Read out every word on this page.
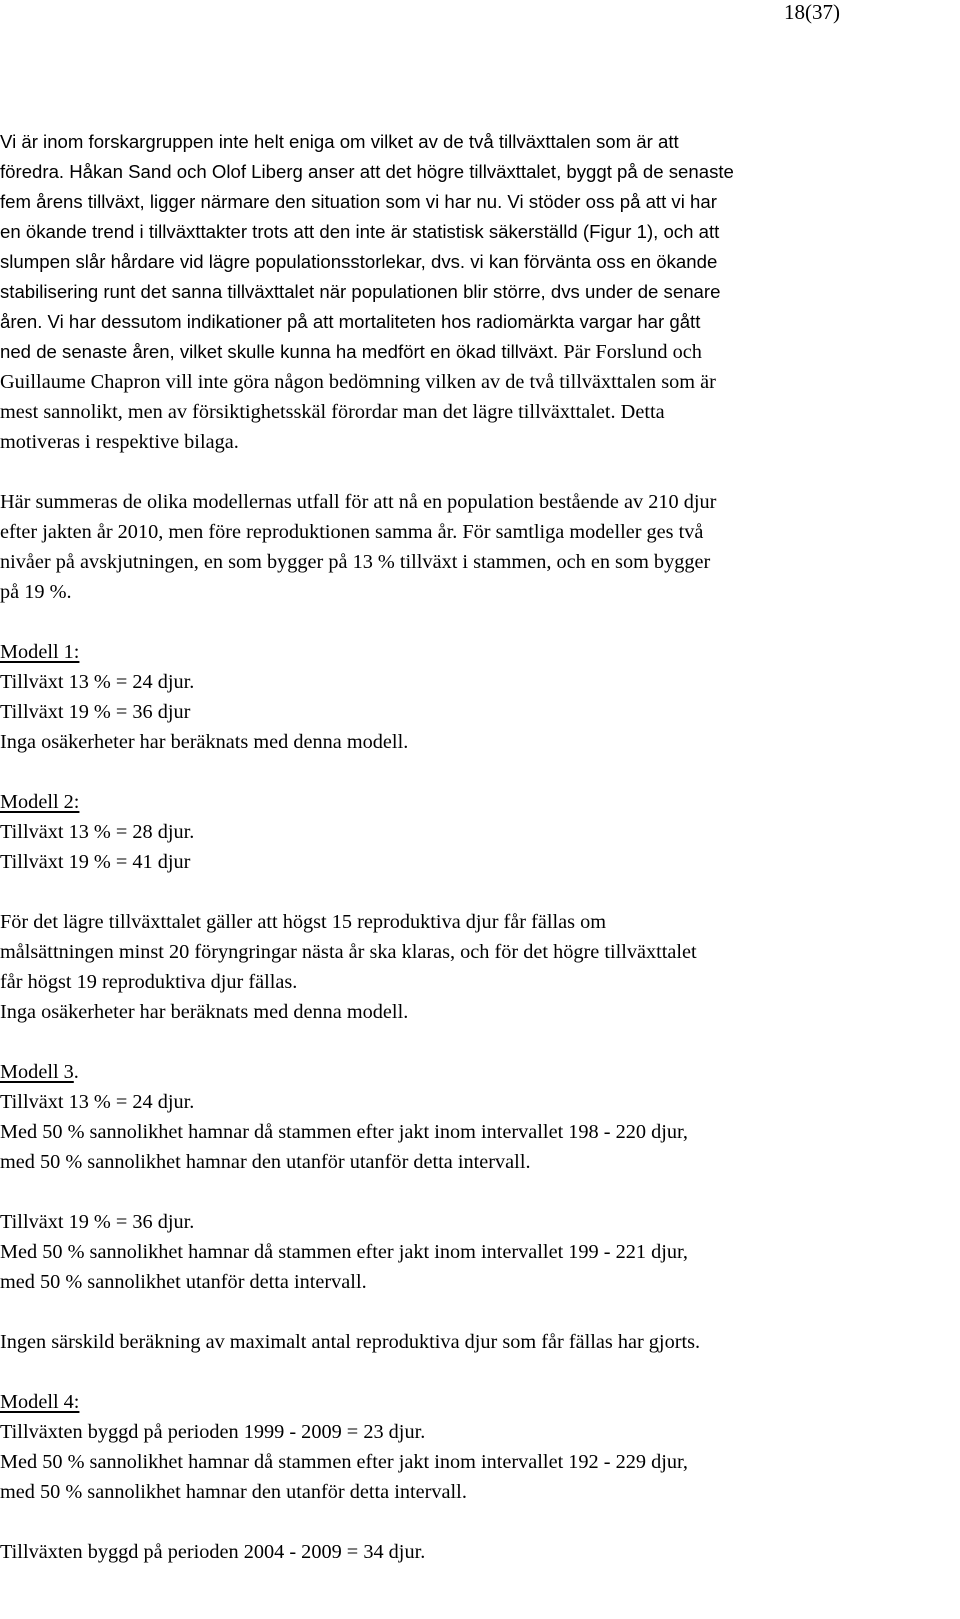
18(37)

Vi är inom forskargruppen inte helt eniga om vilket av de två tillväxttalen som är att
föredra. Håkan Sand och Olof Liberg anser att det högre tillväxttalet, byggt på de senaste
fem årens tillväxt, ligger närmare den situation som vi har nu. Vi stöder oss på att vi har
en ökande trend i tillväxttakter trots att den inte är statistisk säkerställd (Figur 1), och att
slumpen slår hårdare vid lägre populationsstorlekar, dvs. vi kan förvänta oss en ökande
stabilisering runt det sanna tillväxttalet när populationen blir större, dvs under de senare
åren. Vi har dessutom indikationer på att mortaliteten hos radiomärkta vargar har gått
ned de senaste åren, vilket skulle kunna ha medfört en ökad tillväxt. Pär Forslund och
Guillaume Chapron vill inte göra någon bedömning vilken av de två tillväxttalen som är
mest sannolikt, men av försiktighetsskäl förordar man det lägre tillväxttalet. Detta
motiveras i respektive bilaga.

Här summeras de olika modellernas utfall för att nå en population bestående av 210 djur
efter jakten år 2010, men före reproduktionen samma år. För samtliga modeller ges två
nivåer på avskjutningen, en som bygger på 13 % tillväxt i stammen, och en som bygger
på 19 %.

Modell 1:
Tillväxt 13 % = 24 djur.
Tillväxt 19 % = 36 djur
Inga osäkerheter har beräknats med denna modell.
Modell 2:
Tillväxt 13 % = 28 djur.
Tillväxt 19 % = 41 djur
För det lägre tillväxttalet gäller att högst 15 reproduktiva djur får fällas om
målsättningen minst 20 föryngringar nästa år ska klaras, och för det högre tillväxttalet
får högst 19 reproduktiva djur fällas.
Inga osäkerheter har beräknats med denna modell.
Modell 3.
Tillväxt 13 % = 24 djur.
Med 50 % sannolikhet hamnar då stammen efter jakt inom intervallet 198 - 220 djur,
med 50 % sannolikhet hamnar den utanför utanför detta intervall.
Tillväxt 19 % = 36 djur.
Med 50 % sannolikhet hamnar då stammen efter jakt inom intervallet 199 - 221 djur,
med 50 % sannolikhet utanför detta intervall.
Ingen särskild beräkning av maximalt antal reproduktiva djur som får fällas har gjorts.
Modell 4:
Tillväxten byggd på perioden 1999 - 2009 = 23 djur.
Med 50 % sannolikhet hamnar då stammen efter jakt inom intervallet 192 - 229 djur,
med 50 % sannolikhet hamnar den utanför detta intervall.
Tillväxten byggd på perioden 2004 - 2009 = 34 djur.
